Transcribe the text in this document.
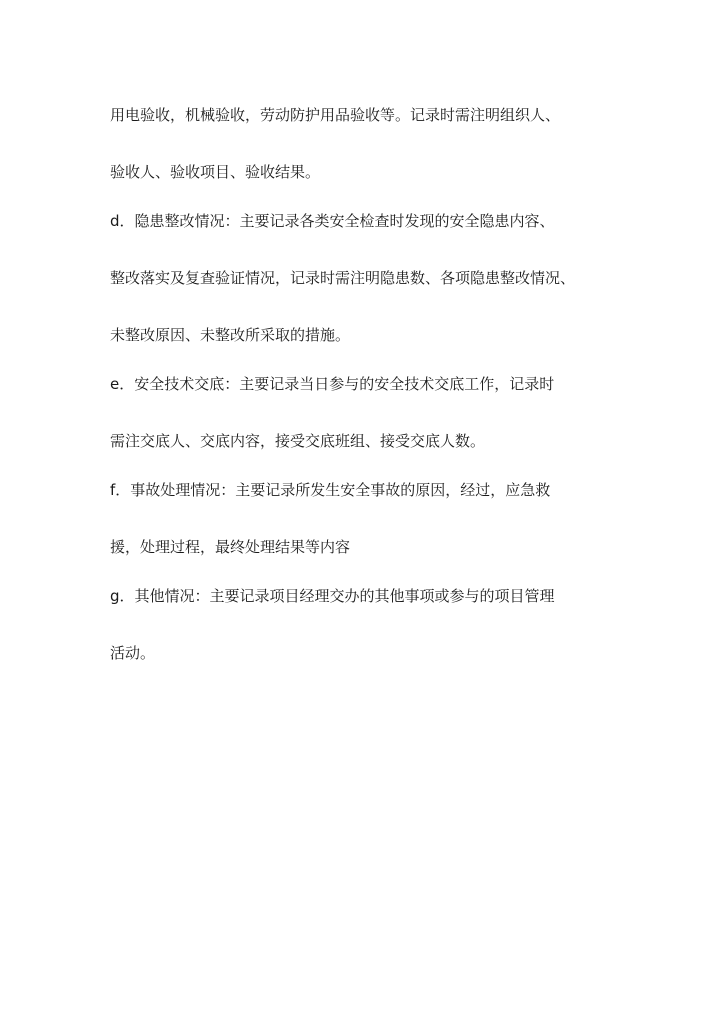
用电验收，机械验收，劳动防护用品验收等。记录时需注明组织人、
验收人、验收项目、验收结果。
d．隐患整改情况：主要记录各类安全检查时发现的安全隐患内容、
整改落实及复查验证情况，记录时需注明隐患数、各项隐患整改情况、
未整改原因、未整改所采取的措施。
e．安全技术交底：主要记录当日参与的安全技术交底工作，记录时
需注交底人、交底内容，接受交底班组、接受交底人数。
f．事故处理情况：主要记录所发生安全事故的原因，经过，应急救
援，处理过程，最终处理结果等内容
g．其他情况：主要记录项目经理交办的其他事项或参与的项目管理
活动。
